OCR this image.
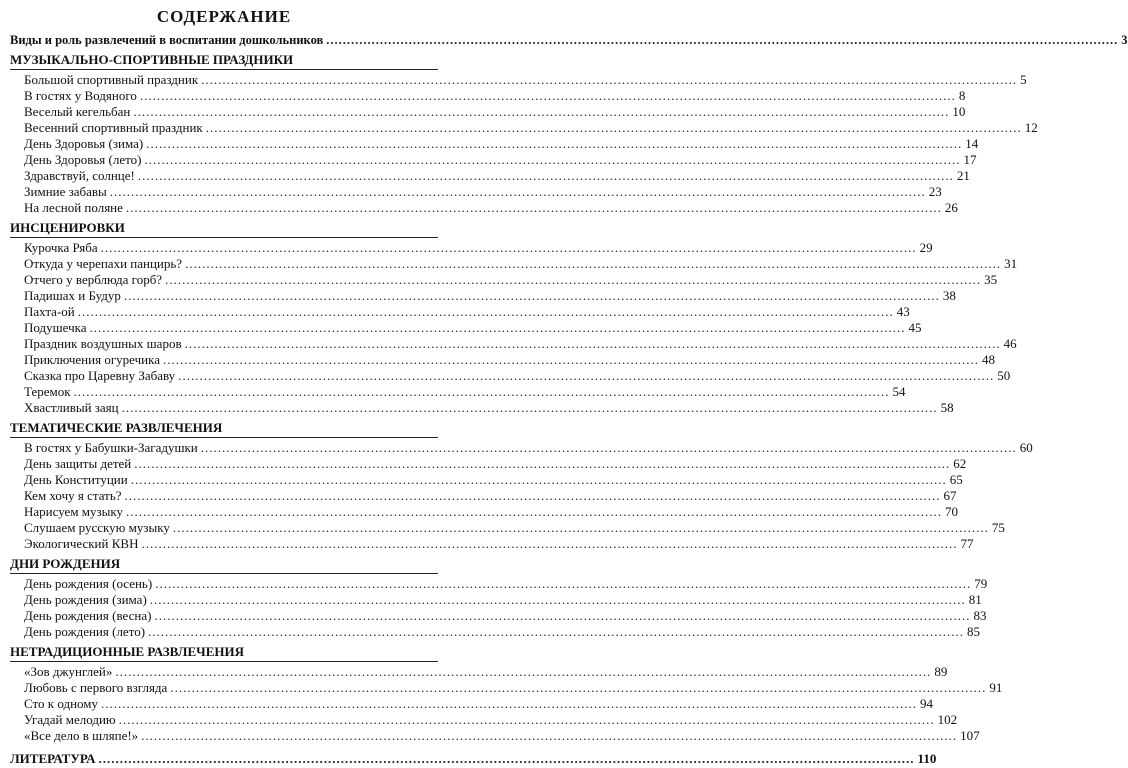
СОДЕРЖАНИЕ
Виды и роль развлечений в воспитании дошкольников .....	3
МУЗЫКАЛЬНО-СПОРТИВНЫЕ ПРАЗДНИКИ
Большой спортивный праздник .....	5
В гостях у Водяного .....	8
Веселый кегельбан .....	10
Весенний спортивный праздник .....	12
День Здоровья (зима) .....	14
День Здоровья (лето) .....	17
Здравствуй, солнце! .....	21
Зимние забавы .....	23
На лесной поляне .....	26
ИНСЦЕНИРОВКИ
Курочка Ряба .....	29
Откуда у черепахи панцирь? .....	31
Отчего у верблюда горб? .....	35
Падишах и Будур .....	38
Пахта-ой .....	43
Подушечка .....	45
Праздник воздушных шаров .....	46
Приключения огуречика .....	48
Сказка про Царевну Забаву .....	50
Теремок .....	54
Хвастливый заяц .....	58
ТЕМАТИЧЕСКИЕ РАЗВЛЕЧЕНИЯ
В гостях у Бабушки-Загадушки .....	60
День защиты детей .....	62
День Конституции .....	65
Кем хочу я стать? .....	67
Нарисуем музыку .....	70
Слушаем русскую музыку .....	75
Экологический КВН .....	77
ДНИ РОЖДЕНИЯ
День рождения (осень) .....	79
День рождения (зима) .....	81
День рождения (весна) .....	83
День рождения (лето) .....	85
НЕТРАДИЦИОННЫЕ РАЗВЛЕЧЕНИЯ
«Зов джунглей» .....	89
Любовь с первого взгляда .....	91
Сто к одному .....	94
Угадай мелодию .....	102
«Все дело в шляпе!» .....	107
ЛИТЕРАТУРА .....	110
